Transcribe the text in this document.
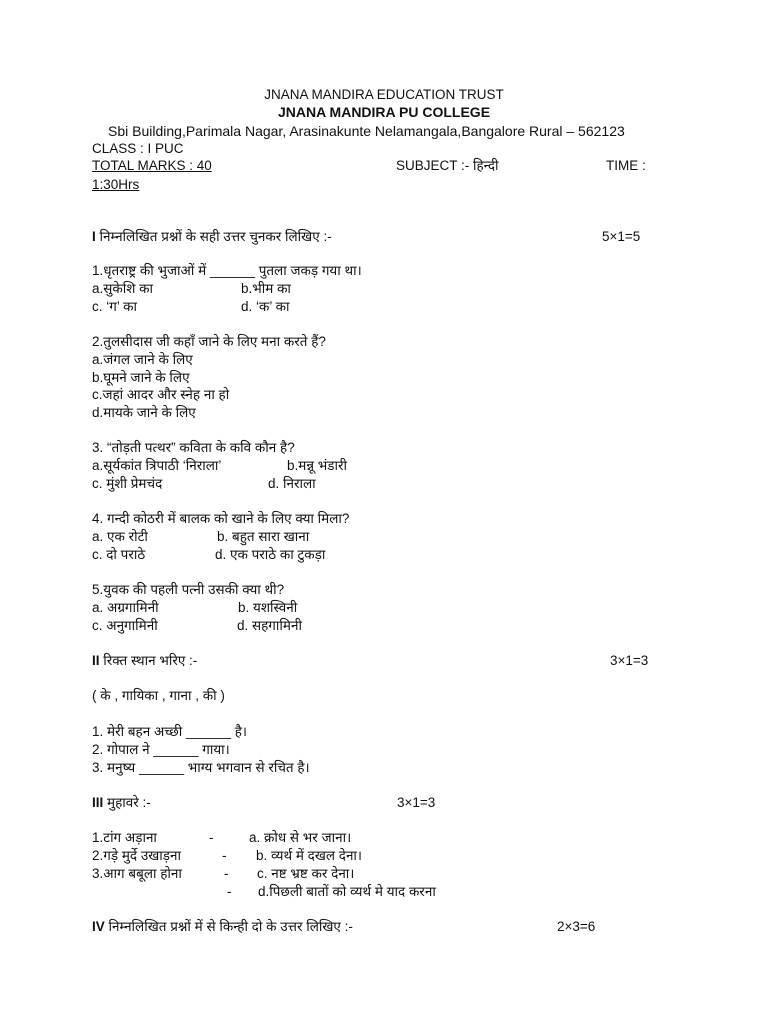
JNANA MANDIRA EDUCATION TRUST
JNANA MANDIRA PU COLLEGE
Sbi Building,Parimala Nagar, Arasinakunte Nelamangala,Bangalore Rural – 562123
CLASS : I PUC
TOTAL MARKS : 40	SUBJECT :- हिन्दी	TIME :
1:30Hrs
I निम्नलिखित प्रश्नों के सही उत्तर चुनकर लिखिए :-	5×1=5
1.धृतराष्ट्र की भुजाओं में ______ पुतला जकड़ गया था।
a.सुकेशि का	b.भीम का
c. ‘ग’ का	d. ‘क’ का
2.तुलसीदास जी कहाँ जाने के लिए मना करते हैं?
a.जंगल जाने के लिए
b.घूमने जाने के लिए
c.जहां आदर और स्नेह ना हो
d.मायके जाने के लिए
3. “तोड़ती पत्थर” कविता के कवि कौन है?
a.सूर्यकांत त्रिपाठी ‘निराला’	b.मन्नू भंडारी
c. मुंशी प्रेमचंद	d. निराला
4. गन्दी कोठरी में बालक को खाने के लिए क्या मिला?
a. एक रोटी	b. बहुत सारा खाना
c. दो पराठे	d. एक पराठे का टुकड़ा
5.युवक की पहली पत्नी उसकी क्या थी?
a. अग्रगामिनी	b. यशस्विनी
c. अनुगामिनी	d. सहगामिनी
II रिक्त स्थान भरिए :-	3×1=3
( के , गायिका , गाना , की )
1. मेरी बहन अच्छी ______ है।
2. गोपाल ने ______ गाया।
3. मनुष्य ______ भाग्य भगवान से रचित है।
III मुहावरे :-	3×1=3
1.टांग अड़ाना	-	a. क्रोध से भर जाना।
2.गड़े मुर्दे उखाड़ना	- b. व्यर्थ में दखल देना।
3.आग बबूला होना	- c. नष्ट भ्रष्ट कर देना।
- d.पिछली बातों को व्यर्थ मे याद करना
IV निम्नलिखित प्रश्नों में से किन्ही दो के उत्तर लिखिए :-	2×3=6
